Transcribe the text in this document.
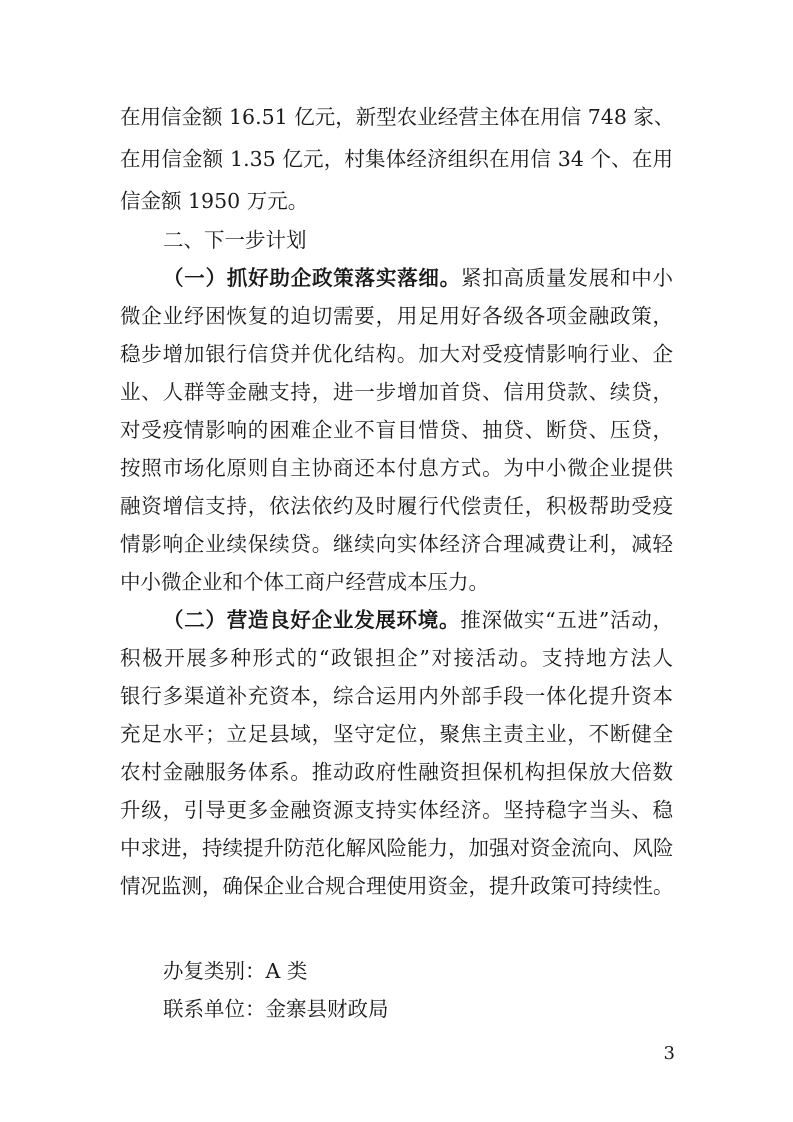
在用信金额 16.51 亿元，新型农业经营主体在用信 748 家、
在用信金额 1.35 亿元，村集体经济组织在用信 34 个、在用
信金额 1950 万元。
二、下一步计划
（一）抓好助企政策落实落细。紧扣高质量发展和中小
微企业纾困恢复的迫切需要，用足用好各级各项金融政策，
稳步增加银行信贷并优化结构。加大对受疫情影响行业、企
业、人群等金融支持，进一步增加首贷、信用贷款、续贷，
对受疫情影响的困难企业不盲目惜贷、抽贷、断贷、压贷，
按照市场化原则自主协商还本付息方式。为中小微企业提供
融资增信支持，依法依约及时履行代偿责任，积极帮助受疫
情影响企业续保续贷。继续向实体经济合理减费让利，减轻
中小微企业和个体工商户经营成本压力。
（二）营造良好企业发展环境。推深做实“五进”活动，
积极开展多种形式的“政银担企”对接活动。支持地方法人
银行多渠道补充资本，综合运用内外部手段一体化提升资本
充足水平；立足县域，坚守定位，聚焦主责主业，不断健全
农村金融服务体系。推动政府性融资担保机构担保放大倍数
升级，引导更多金融资源支持实体经济。坚持稳字当头、稳
中求进，持续提升防范化解风险能力，加强对资金流向、风险
情况监测，确保企业合规合理使用资金，提升政策可持续性。
办复类别：A 类
联系单位：金寨县财政局
3
